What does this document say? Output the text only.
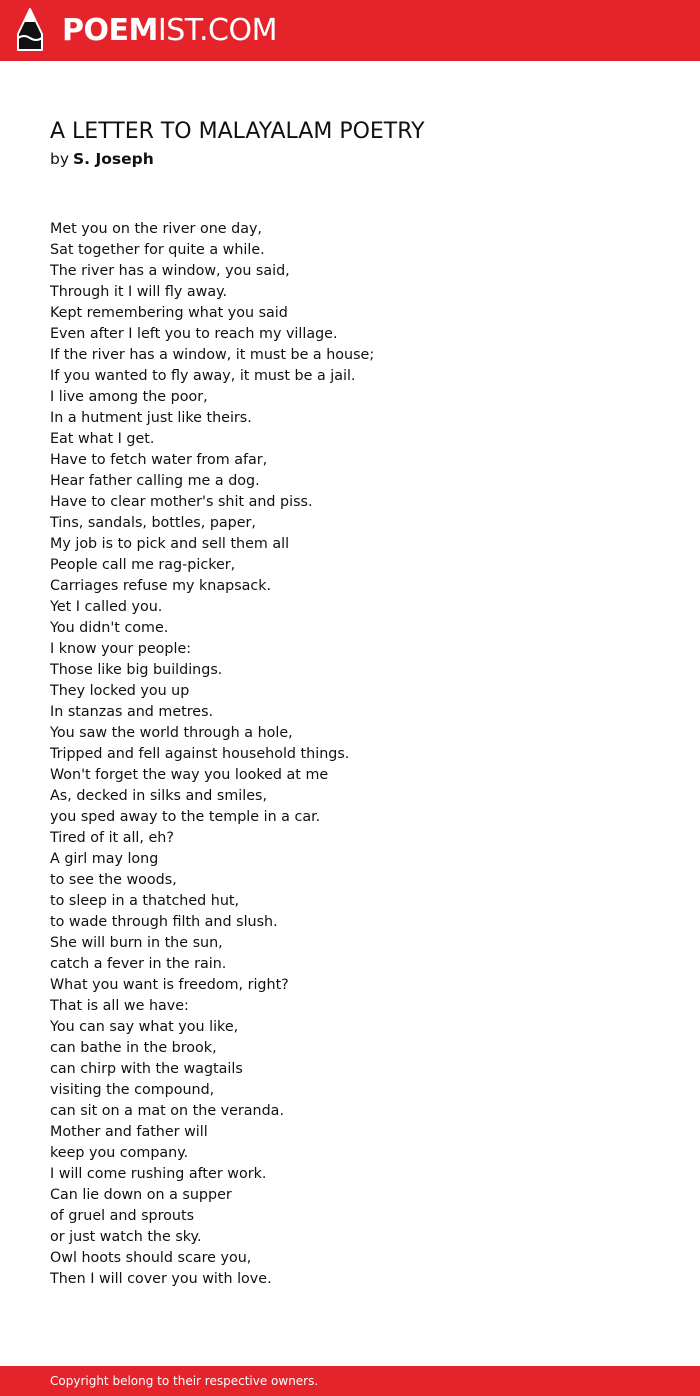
POEMIST.COM
A LETTER TO MALAYALAM POETRY
by S. Joseph
Met you on the river one day,
Sat together for quite a while.
The river has a window, you said,
Through it I will fly away.
Kept remembering what you said
Even after I left you to reach my village.
If the river has a window, it must be a house;
If you wanted to fly away, it must be a jail.
I live among the poor,
In a hutment just like theirs.
Eat what I get.
Have to fetch water from afar,
Hear father calling me a dog.
Have to clear mother's shit and piss.
Tins, sandals, bottles, paper,
My job is to pick and sell them all
People call me rag-picker,
Carriages refuse my knapsack.
Yet I called you.
You didn't come.
I know your people:
Those like big buildings.
They locked you up
In stanzas and metres.
You saw the world through a hole,
Tripped and fell against household things.
Won't forget the way you looked at me
As, decked in silks and smiles,
you sped away to the temple in a car.
Tired of it all, eh?
A girl may long
to see the woods,
to sleep in a thatched hut,
to wade through filth and slush.
She will burn in the sun,
catch a fever in the rain.
What you want is freedom, right?
That is all we have:
You can say what you like,
can bathe in the brook,
can chirp with the wagtails
visiting the compound,
can sit on a mat on the veranda.
Mother and father will
keep you company.
I will come rushing after work.
Can lie down on a supper
of gruel and sprouts
or just watch the sky.
Owl hoots should scare you,
Then I will cover you with love.
Copyright belong to their respective owners.
